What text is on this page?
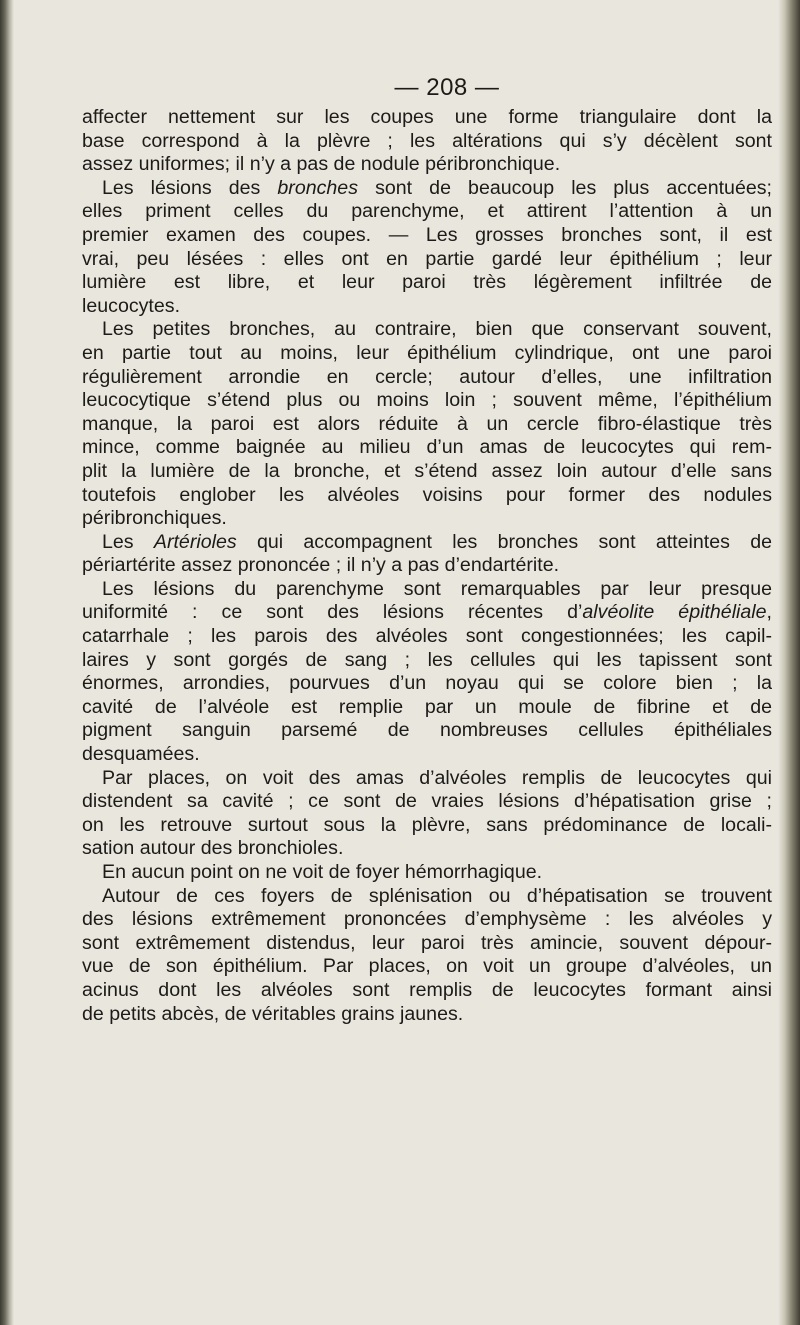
— 208 —
affecter nettement sur les coupes une forme triangulaire dont la
base correspond à la plèvre ; les altérations qui s’y décèlent sont
assez uniformes; il n’y a pas de nodule péribronchique.
Les lésions des bronches sont de beaucoup les plus accentuées;
elles priment celles du parenchyme, et attirent l’attention à un
premier examen des coupes. — Les grosses bronches sont, il est
vrai, peu lésées : elles ont en partie gardé leur épithélium ; leur
lumière est libre, et leur paroi très légèrement infiltrée de
leucocytes.
Les petites bronches, au contraire, bien que conservant souvent,
en partie tout au moins, leur épithélium cylindrique, ont une paroi
régulièrement arrondie en cercle; autour d’elles, une infiltration
leucocytique s’étend plus ou moins loin ; souvent même, l’épithélium
manque, la paroi est alors réduite à un cercle fibro-élastique très
mince, comme baignée au milieu d’un amas de leucocytes qui rem-
plit la lumière de la bronche, et s’étend assez loin autour d’elle sans
toutefois englober les alvéoles voisins pour former des nodules
péribronchiques.
Les Artérioles qui accompagnent les bronches sont atteintes de
périartérite assez prononcée ; il n’y a pas d’endartérite.
Les lésions du parenchyme sont remarquables par leur presque
uniformité : ce sont des lésions récentes d’alvéolite épithéliale,
catarrhale ; les parois des alvéoles sont congestionnées; les capil-
laires y sont gorgés de sang ; les cellules qui les tapissent sont
énormes, arrondies, pourvues d’un noyau qui se colore bien ; la
cavité de l’alvéole est remplie par un moule de fibrine et de
pigment sanguin parsemé de nombreuses cellules épithéliales
desquamées.
Par places, on voit des amas d’alvéoles remplis de leucocytes qui
distendent sa cavité ; ce sont de vraies lésions d’hépatisation grise ;
on les retrouve surtout sous la plèvre, sans prédominance de locali-
sation autour des bronchioles.
En aucun point on ne voit de foyer hémorrhagique.
Autour de ces foyers de splénisation ou d’hépatisation se trouvent
des lésions extrêmement prononcées d’emphysème : les alvéoles y
sont extrêmement distendus, leur paroi très amincie, souvent dépour-
vue de son épithélium. Par places, on voit un groupe d’alvéoles, un
acinus dont les alvéoles sont remplis de leucocytes formant ainsi
de petits abcès, de véritables grains jaunes.
